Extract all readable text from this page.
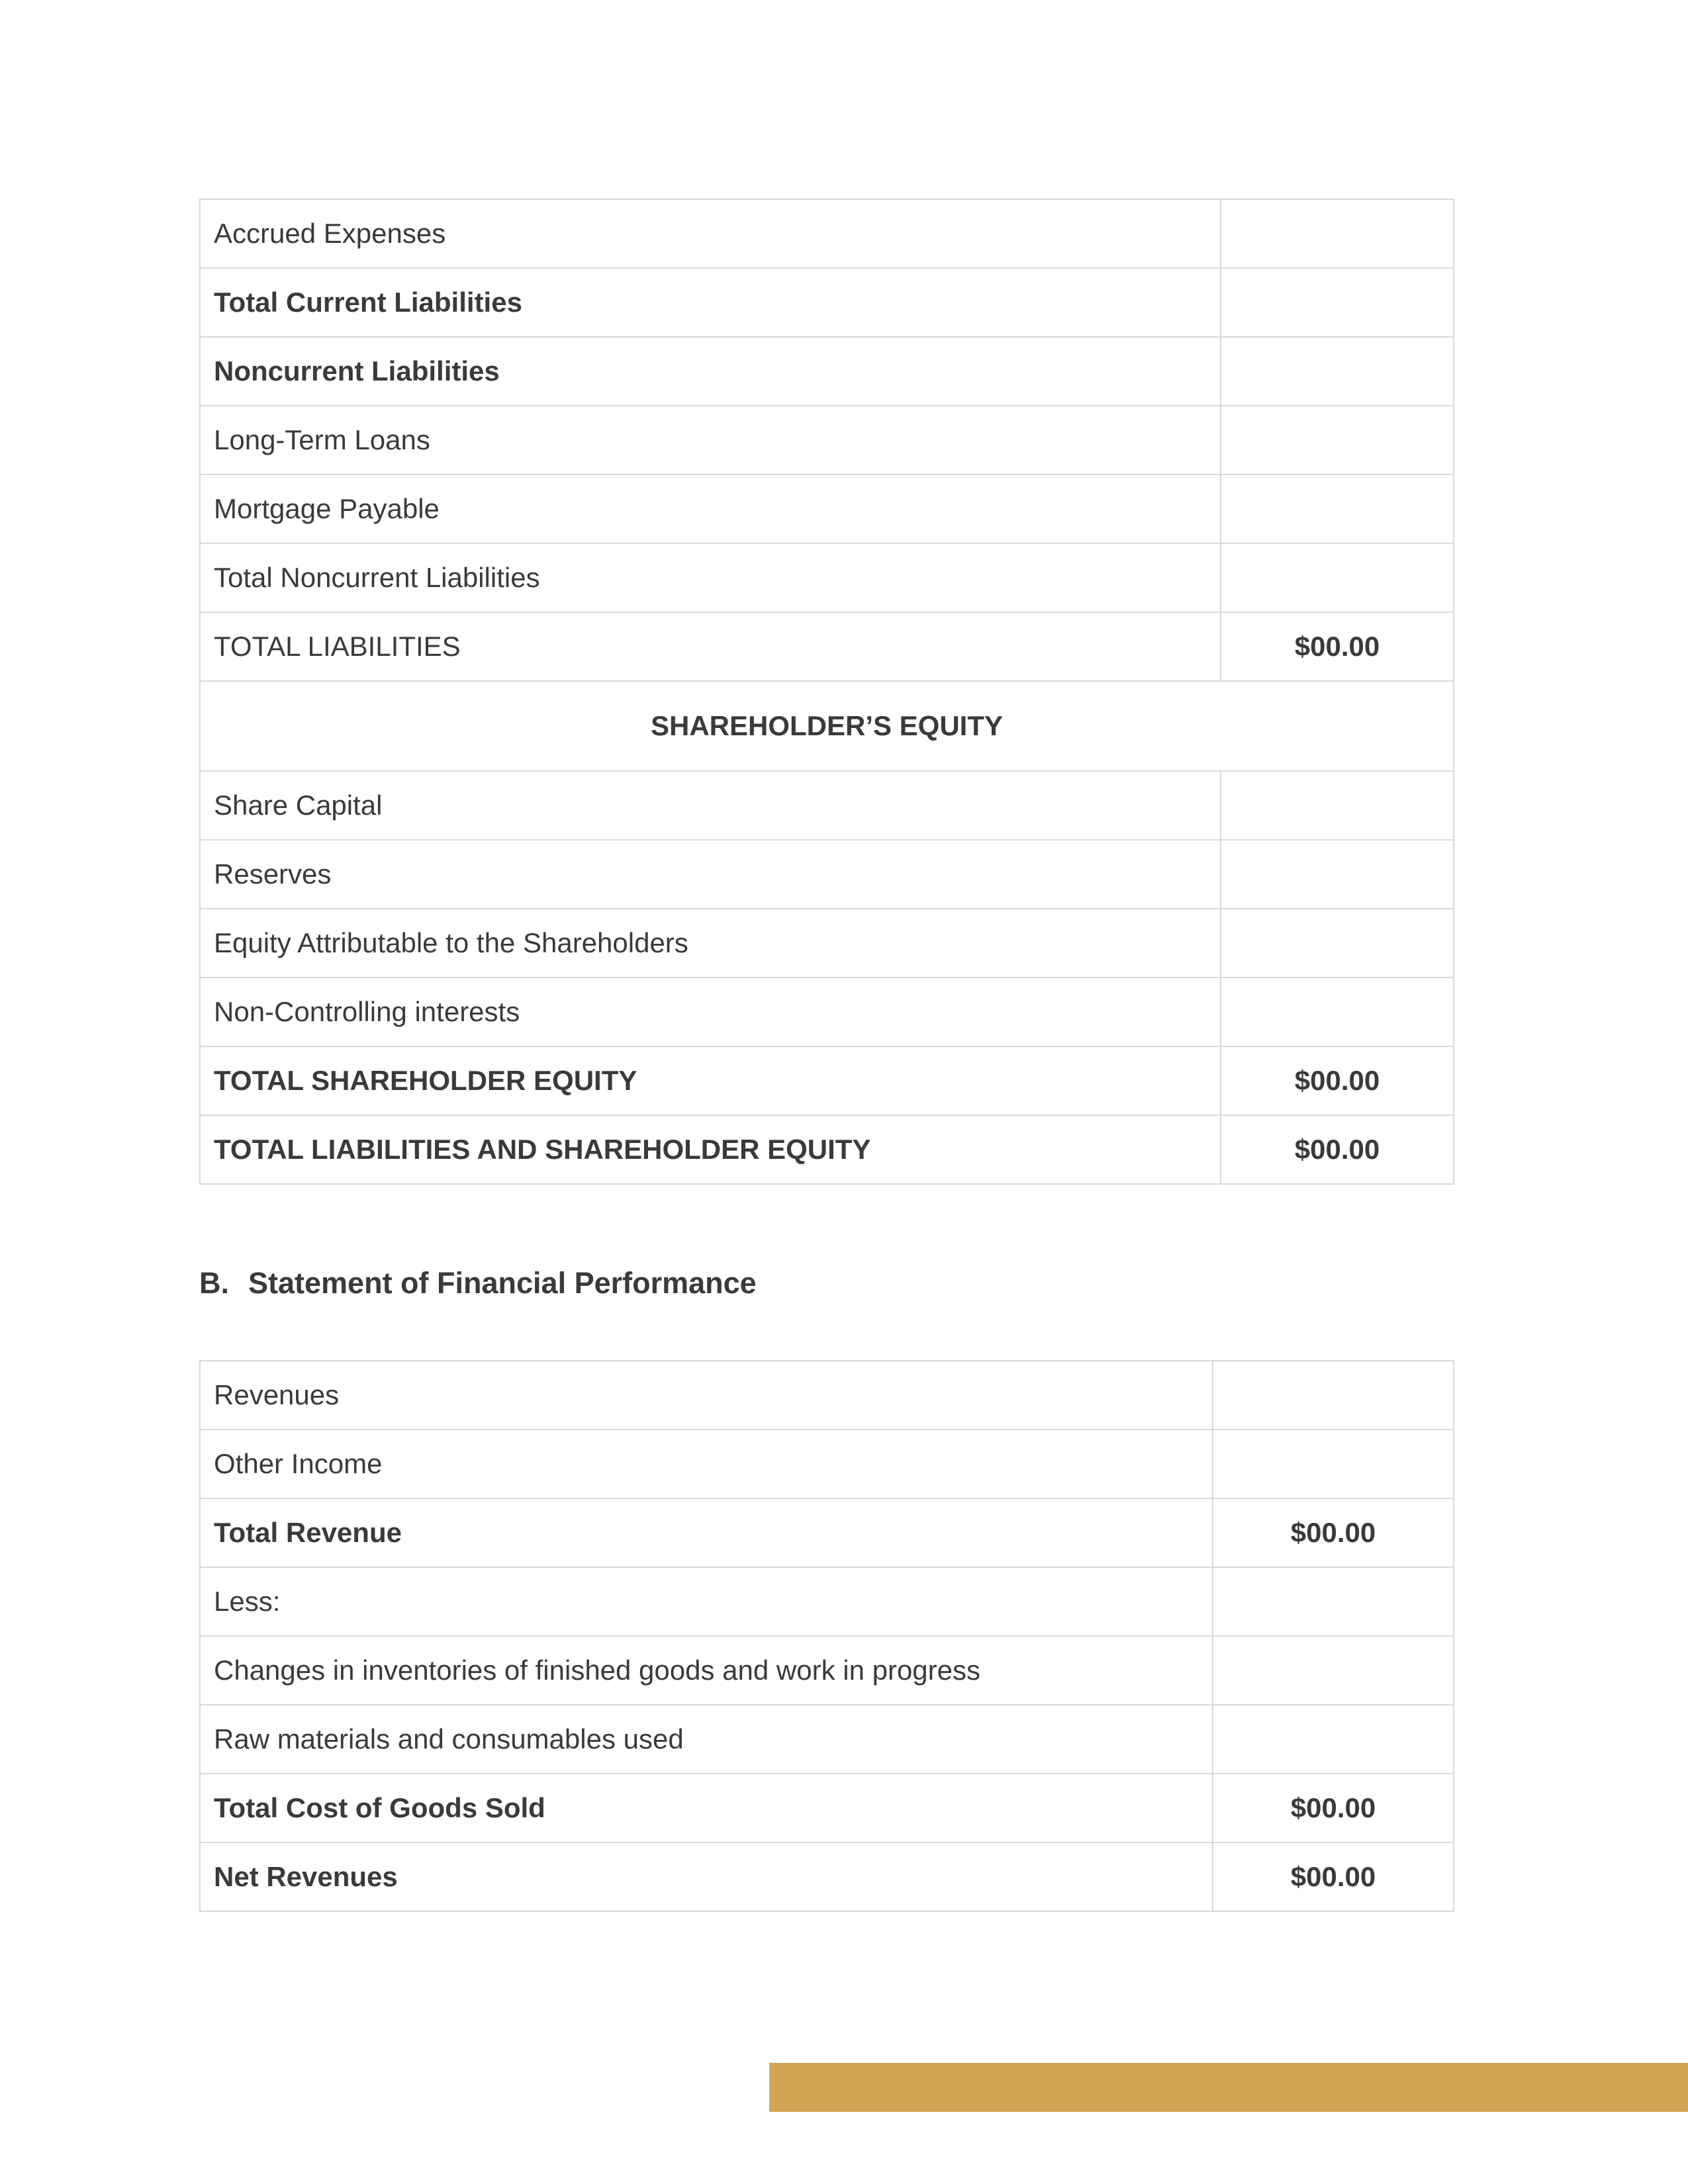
Accrued Expenses	
Total Current Liabilities	
Noncurrent Liabilities	
Long-Term Loans	
Mortgage Payable	
Total Noncurrent Liabilities	
TOTAL LIABILITIES	$00.00
SHAREHOLDER’S EQUITY	
Share Capital	
Reserves	
Equity Attributable to the Shareholders	
Non-Controlling interests	
TOTAL SHAREHOLDER EQUITY	$00.00
TOTAL LIABILITIES AND SHAREHOLDER EQUITY	$00.00
B. Statement of Financial Performance
Revenues	
Other Income	
Total Revenue	$00.00
Less:	
Changes in inventories of finished goods and work in progress	
Raw materials and consumables used	
Total Cost of Goods Sold	$00.00
Net Revenues	$00.00
